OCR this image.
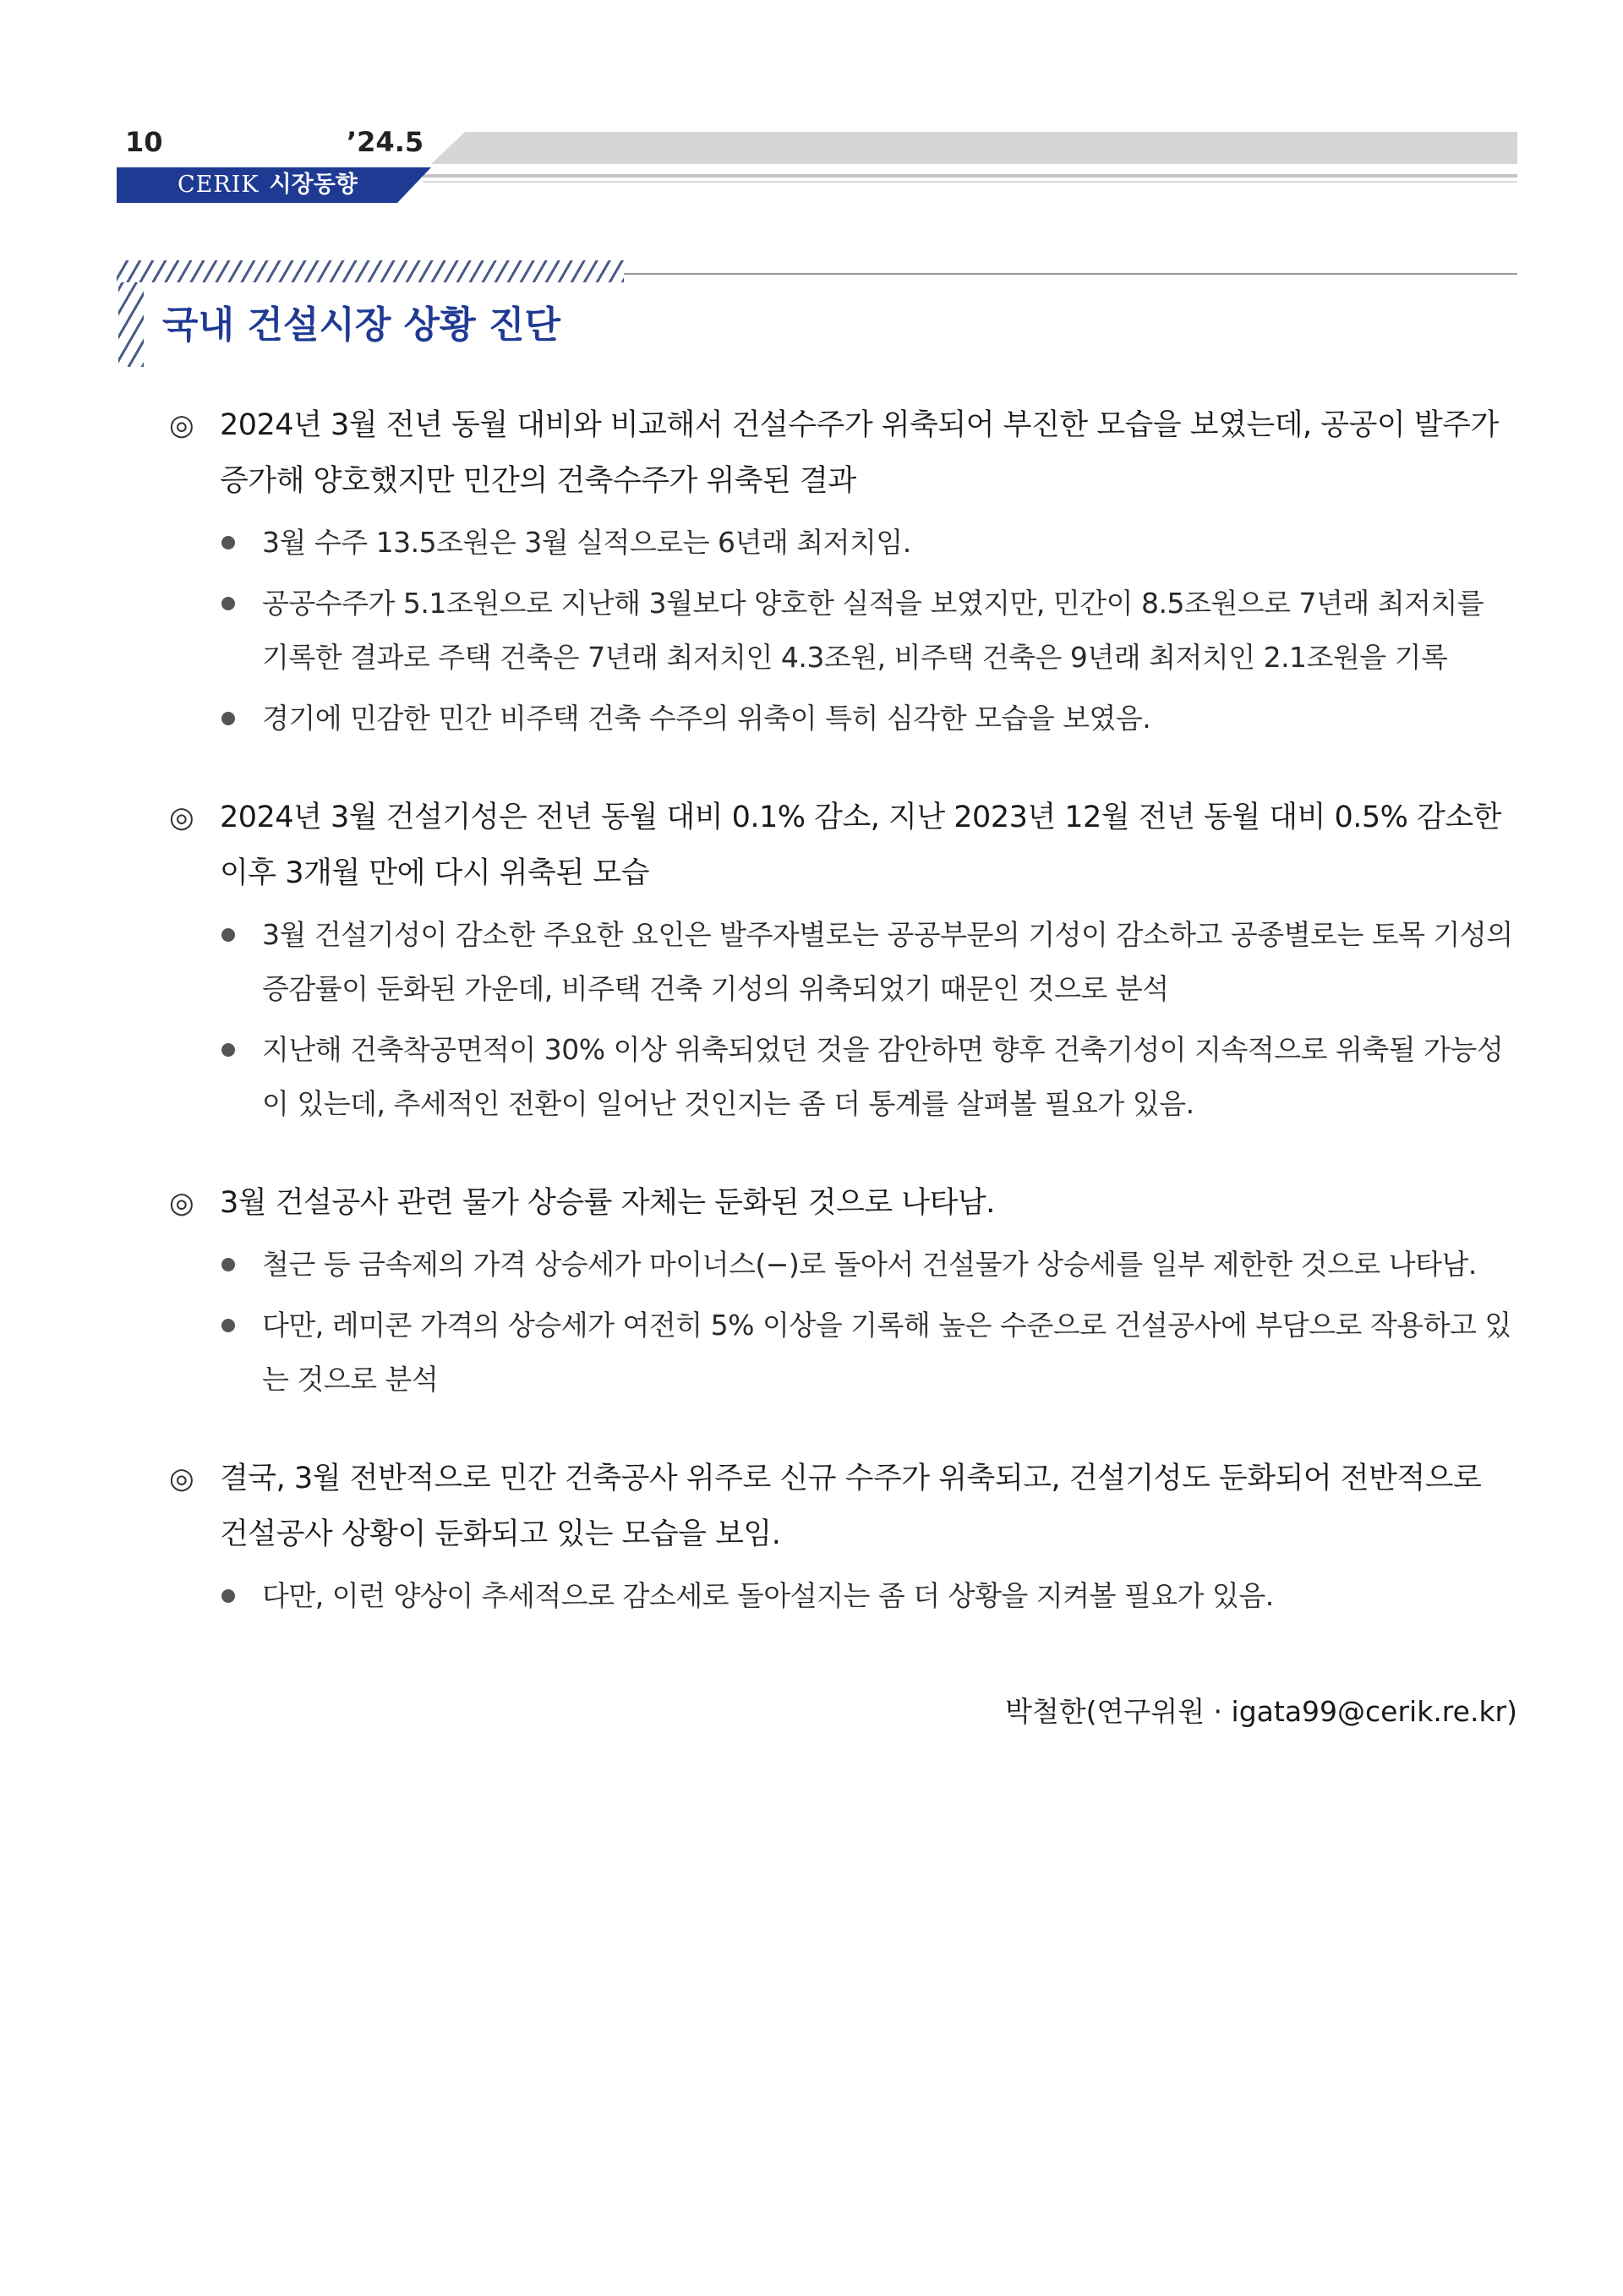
10	’24.5
CERIK 시장동향
국내 건설시장 상황 진단
◎ 2024년 3월 전년 동월 대비와 비교해서 건설수주가 위축되어 부진한 모습을 보였는데, 공공이 발주가 증가해 양호했지만 민간의 건축수주가 위축된 결과
3월 수주 13.5조원은 3월 실적으로는 6년래 최저치임.
공공수주가 5.1조원으로 지난해 3월보다 양호한 실적을 보였지만, 민간이 8.5조원으로 7년래 최저치를 기록한 결과로 주택 건축은 7년래 최저치인 4.3조원, 비주택 건축은 9년래 최저치인 2.1조원을 기록
경기에 민감한 민간 비주택 건축 수주의 위축이 특히 심각한 모습을 보였음.
◎ 2024년 3월 건설기성은 전년 동월 대비 0.1% 감소, 지난 2023년 12월 전년 동월 대비 0.5% 감소한 이후 3개월 만에 다시 위축된 모습
3월 건설기성이 감소한 주요한 요인은 발주자별로는 공공부문의 기성이 감소하고 공종별로는 토목 기성의 증감률이 둔화된 가운데, 비주택 건축 기성의 위축되었기 때문인 것으로 분석
지난해 건축착공면적이 30% 이상 위축되었던 것을 감안하면 향후 건축기성이 지속적으로 위축될 가능성이 있는데, 추세적인 전환이 일어난 것인지는 좀 더 통계를 살펴볼 필요가 있음.
◎ 3월 건설공사 관련 물가 상승률 자체는 둔화된 것으로 나타남.
철근 등 금속제의 가격 상승세가 마이너스(−)로 돌아서 건설물가 상승세를 일부 제한한 것으로 나타남.
다만, 레미콘 가격의 상승세가 여전히 5% 이상을 기록해 높은 수준으로 건설공사에 부담으로 작용하고 있는 것으로 분석
◎ 결국, 3월 전반적으로 민간 건축공사 위주로 신규 수주가 위축되고, 건설기성도 둔화되어 전반적으로 건설공사 상황이 둔화되고 있는 모습을 보임.
다만, 이런 양상이 추세적으로 감소세로 돌아설지는 좀 더 상황을 지켜볼 필요가 있음.
박철한(연구위원 · igata99@cerik.re.kr)
